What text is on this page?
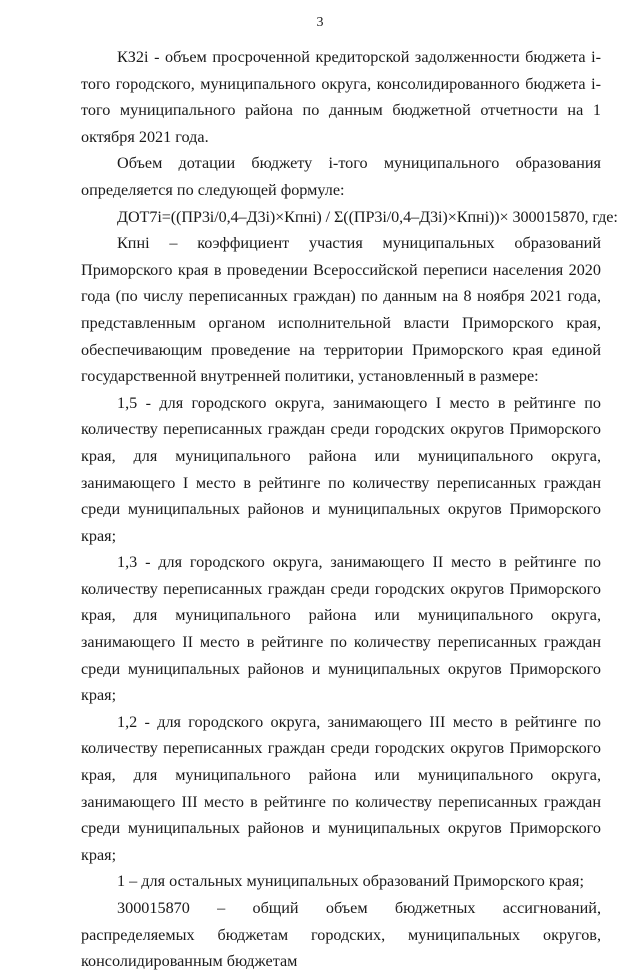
3

КЗ2i - объем просроченной кредиторской задолженности бюджета i-того городского, муниципального округа, консолидированного бюджета i-того муниципального района по данным бюджетной отчетности на 1 октября 2021 года.

Объем дотации бюджету i-того муниципального образования определяется по следующей формуле:

ДОТ7i=((ПР3i/0,4–Д3i)×Кпнi) / Σ((ПР3i/0,4–Д3i)×Кпнi))× 300015870, где:

Кпнi – коэффициент участия муниципальных образований Приморского края в проведении Всероссийской переписи населения 2020 года (по числу переписанных граждан) по данным на 8 ноября 2021 года, представленным органом исполнительной власти Приморского края, обеспечивающим проведение на территории Приморского края единой государственной внутренней политики, установленный в размере:

1,5 - для городского округа, занимающего I место в рейтинге по количеству переписанных граждан среди городских округов Приморского края, для муниципального района или муниципального округа, занимающего I место в рейтинге по количеству переписанных граждан среди муниципальных районов и муниципальных округов Приморского края;

1,3 - для городского округа, занимающего II место в рейтинге по количеству переписанных граждан среди городских округов Приморского края, для муниципального района или муниципального округа, занимающего II место в рейтинге по количеству переписанных граждан среди муниципальных районов и муниципальных округов Приморского края;

1,2 - для городского округа, занимающего III место в рейтинге по количеству переписанных граждан среди городских округов Приморского края, для муниципального района или муниципального округа, занимающего III место в рейтинге по количеству переписанных граждан среди муниципальных районов и муниципальных округов Приморского края;

1 – для остальных муниципальных образований Приморского края;

300015870 – общий объем бюджетных ассигнований, распределяемых бюджетам городских, муниципальных округов, консолидированным бюджетам
